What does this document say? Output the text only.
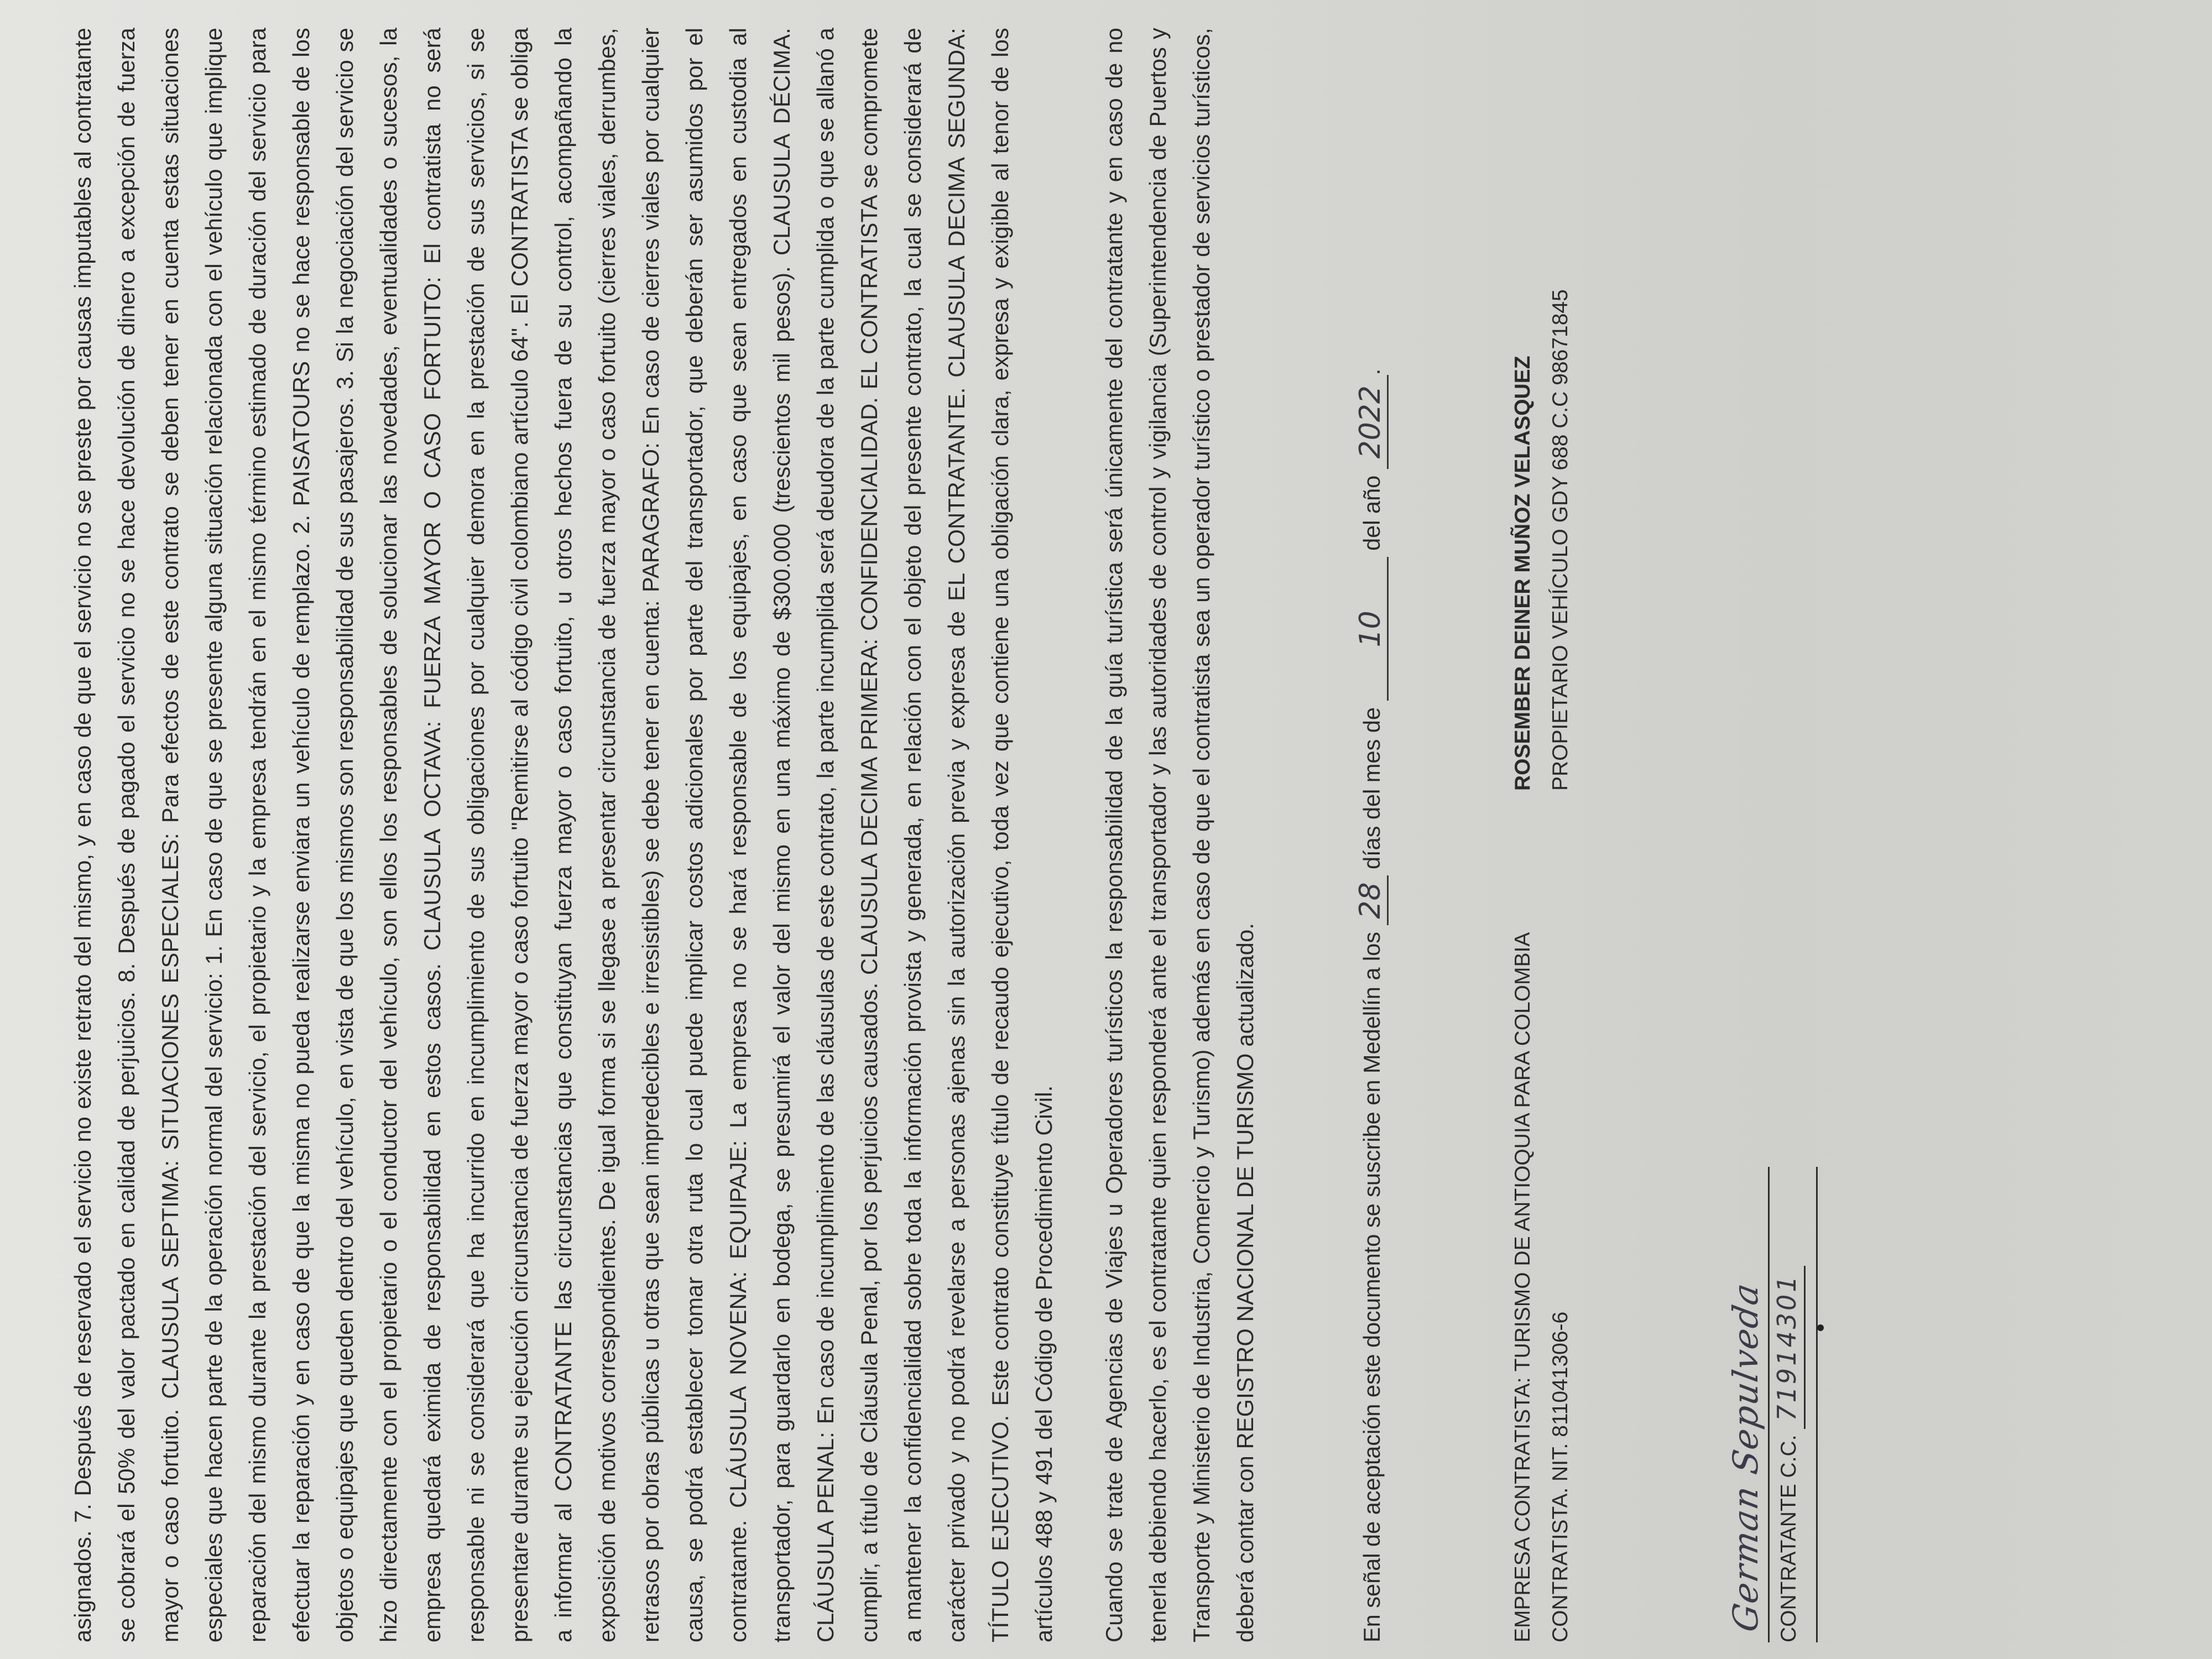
asignados. 7. Después de reservado el servicio no existe retrato del mismo, y en caso de que el servicio no se preste por causas imputables al contratante se cobrará el 50% del valor pactado en calidad de perjuicios. 8. Después de pagado el servicio no se hace devolución de dinero a excepción de fuerza mayor o caso fortuito. CLAUSULA SEPTIMA: SITUACIONES ESPECIALES: Para efectos de este contrato se deben tener en cuenta estas situaciones especiales que hacen parte de la operación normal del servicio: 1. En caso de que se presente alguna situación relacionada con el vehículo que implique reparación del mismo durante la prestación del servicio, el propietario y la empresa tendrán en el mismo término estimado de duración del servicio para efectuar la reparación y en caso de que la misma no pueda realizarse enviara un vehículo de remplazo. 2. PAISATOURS no se hace responsable de los objetos o equipajes que queden dentro del vehículo, en vista de que los mismos son responsabilidad de sus pasajeros. 3. Si la negociación del servicio se hizo directamente con el propietario o el conductor del vehículo, son ellos los responsables de solucionar las novedades, eventualidades o sucesos, la empresa quedará eximida de responsabilidad en estos casos. CLAUSULA OCTAVA: FUERZA MAYOR O CASO FORTUITO: El contratista no será responsable ni se considerará que ha incurrido en incumplimiento de sus obligaciones por cualquier demora en la prestación de sus servicios, si se presentare durante su ejecución circunstancia de fuerza mayor o caso fortuito "Remitirse al código civil colombiano artículo 64". El CONTRATISTA se obliga a informar al CONTRATANTE las circunstancias que constituyan fuerza mayor o caso fortuito, u otros hechos fuera de su control, acompañando la exposición de motivos correspondientes. De igual forma si se llegase a presentar circunstancia de fuerza mayor o caso fortuito (cierres viales, derrumbes, retrasos por obras públicas u otras que sean impredecibles e irresistibles) se debe tener en cuenta: PARAGRAFO: En caso de cierres viales por cualquier causa, se podrá establecer tomar otra ruta lo cual puede implicar costos adicionales por parte del transportador, que deberán ser asumidos por el contratante. CLÁUSULA NOVENA: EQUIPAJE: La empresa no se hará responsable de los equipajes, en caso que sean entregados en custodia al transportador, para guardarlo en bodega, se presumirá el valor del mismo en una máximo de $300.000 (trescientos mil pesos). CLAUSULA DÉCIMA. CLÁUSULA PENAL: En caso de incumplimiento de las cláusulas de este contrato, la parte incumplida será deudora de la parte cumplida o que se allanó a cumplir, a título de Cláusula Penal, por los perjuicios causados. CLAUSULA DECIMA PRIMERA: CONFIDENCIALIDAD. EL CONTRATISTA se compromete a mantener la confidencialidad sobre toda la información provista y generada, en relación con el objeto del presente contrato, la cual se considerará de carácter privado y no podrá revelarse a personas ajenas sin la autorización previa y expresa de EL CONTRATANTE. CLAUSULA DECIMA SEGUNDA: TÍTULO EJECUTIVO. Este contrato constituye título de recaudo ejecutivo, toda vez que contiene una obligación clara, expresa y exigible al tenor de los artículos 488 y 491 del Código de Procedimiento Civil.	Cuando se trate de Agencias de Viajes u Operadores turísticos la responsabilidad de la guía turística será únicamente del contratante y en caso de no tenerla debiendo hacerlo, es el contratante quien responderá ante el transportador y las autoridades de control y vigilancia (Superintendencia de Puertos y Transporte y Ministerio de Industria, Comercio y Turismo) además en caso de que el contratista sea un operador turístico o prestador de servicios turísticos, deberá contar con REGISTRO NACIONAL DE TURISMO actualizado.	En señal de aceptación este documento se suscribe en Medellín a los 28 días del mes de 10 del año 2022.
EMPRESA CONTRATISTA: TURISMO DE ANTIOQUIA PARA COLOMBIA CONTRATISTA. NIT. 811041306-6
ROSEMBER DEINER MUÑOZ VELASQUEZ PROPIETARIO VEHÍCULO GDY 688 C.C 98671845
German Sepulveda CONTRATANTE C.C. 71914301
